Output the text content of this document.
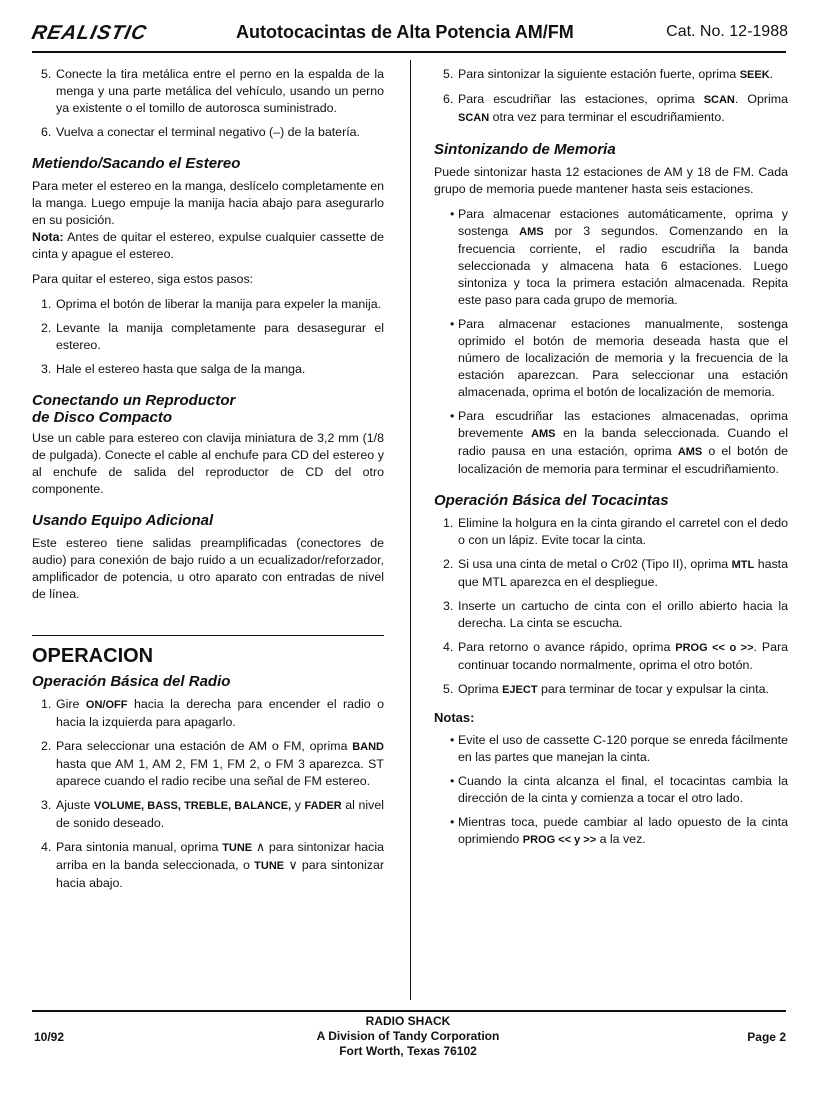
REALISTIC	Autotocacintas de Alta Potencia AM/FM	Cat. No. 12-1988
5. Conecte la tira metálica entre el perno en la espalda de la menga y una parte metálica del vehículo, usando un perno ya existente o el tomillo de autorosca suministrado.
6. Vuelva a conectar el terminal negativo (–) de la batería.
Metiendo/Sacando el Estereo

Para meter el estereo en la manga, deslícelo completamente en la manga. Luego empuje la manija hacia abajo para asegurarlo en su posición.

Nota: Antes de quitar el estereo, expulse cualquier cassette de cinta y apague el estereo.

Para quitar el estereo, siga estos pasos:

1. Oprima el botón de liberar la manija para expeler la manija.
2. Levante la manija completamente para desasegurar el estereo.
3. Hale el estereo hasta que salga de la manga.
Conectando un Reproductor
de Disco Compacto

Use un cable para estereo con clavija miniatura de 3,2 mm (1/8 de pulgada). Conecte el cable al enchufe para CD del estereo y al enchufe de salida del reproductor de CD del otro componente.

Usando Equipo Adicional

Este estereo tiene salidas preamplificadas (conectores de audio) para conexión de bajo ruido a un ecualizador/reforzador, amplificador de potencia, u otro aparato con entradas de nivel de línea.

OPERACION
Operación Básica del Radio
1. Gire ON/OFF hacia la derecha para encender el radio o hacia la izquierda para apagarlo.
2. Para seleccionar una estación de AM o FM, oprima BAND hasta que AM 1, AM 2, FM 1, FM 2, o FM 3 aparezca. ST aparece cuando el radio recibe una señal de FM estereo.
3. Ajuste VOLUME, BASS, TREBLE, BALANCE, y FADER al nivel de sonido deseado.
4. Para sintonia manual, oprima TUNE ∧ para sintonizar hacia arriba en la banda seleccionada, o TUNE ∨ para sintonizar hacia abajo.
5. Para sintonizar la siguiente estación fuerte, oprima SEEK.
6. Para escudriñar las estaciones, oprima SCAN. Oprima SCAN otra vez para terminar el escudriñamiento.
Sintonizando de Memoria

Puede sintonizar hasta 12 estaciones de AM y 18 de FM. Cada grupo de memoria puede mantener hasta seis estaciones.

• Para almacenar estaciones automáticamente, oprima y sostenga AMS por 3 segundos. Comenzando en la frecuencia corriente, el radio escudriña la banda seleccionada y almacena hata 6 estaciones. Luego sintoniza y toca la primera estación almacenada. Repita este paso para cada grupo de memoria.
• Para almacenar estaciones manualmente, sostenga oprimido el botón de memoria deseada hasta que el número de localización de memoria y la frecuencia de la estación aparezcan. Para seleccionar una estación almacenada, oprima el botón de localización de memoria.
• Para escudriñar las estaciones almacenadas, oprima brevemente AMS en la banda seleccionada. Cuando el radio pausa en una estación, oprima AMS o el botón de localización de memoria para terminar el escudriñamiento.
Operación Básica del Tocacintas
1. Elimine la holgura en la cinta girando el carretel con el dedo o con un lápiz. Evite tocar la cinta.
2. Si usa una cinta de metal o Cr02 (Tipo II), oprima MTL hasta que MTL aparezca en el despliegue.
3. Inserte un cartucho de cinta con el orillo abierto hacia la derecha. La cinta se escucha.
4. Para retorno o avance rápido, oprima PROG << o >>. Para continuar tocando normalmente, oprima el otro botón.
5. Oprima EJECT para terminar de tocar y expulsar la cinta.
Notas:
• Evite el uso de cassette C-120 porque se enreda fácilmente en las partes que manejan la cinta.
• Cuando la cinta alcanza el final, el tocacintas cambia la dirección de la cinta y comienza a tocar el otro lado.
• Mientras toca, puede cambiar al lado opuesto de la cinta oprimiendo PROG << y >> a la vez.
10/92
RADIO SHACK
A Division of Tandy Corporation
Fort Worth, Texas 76102
Page 2
